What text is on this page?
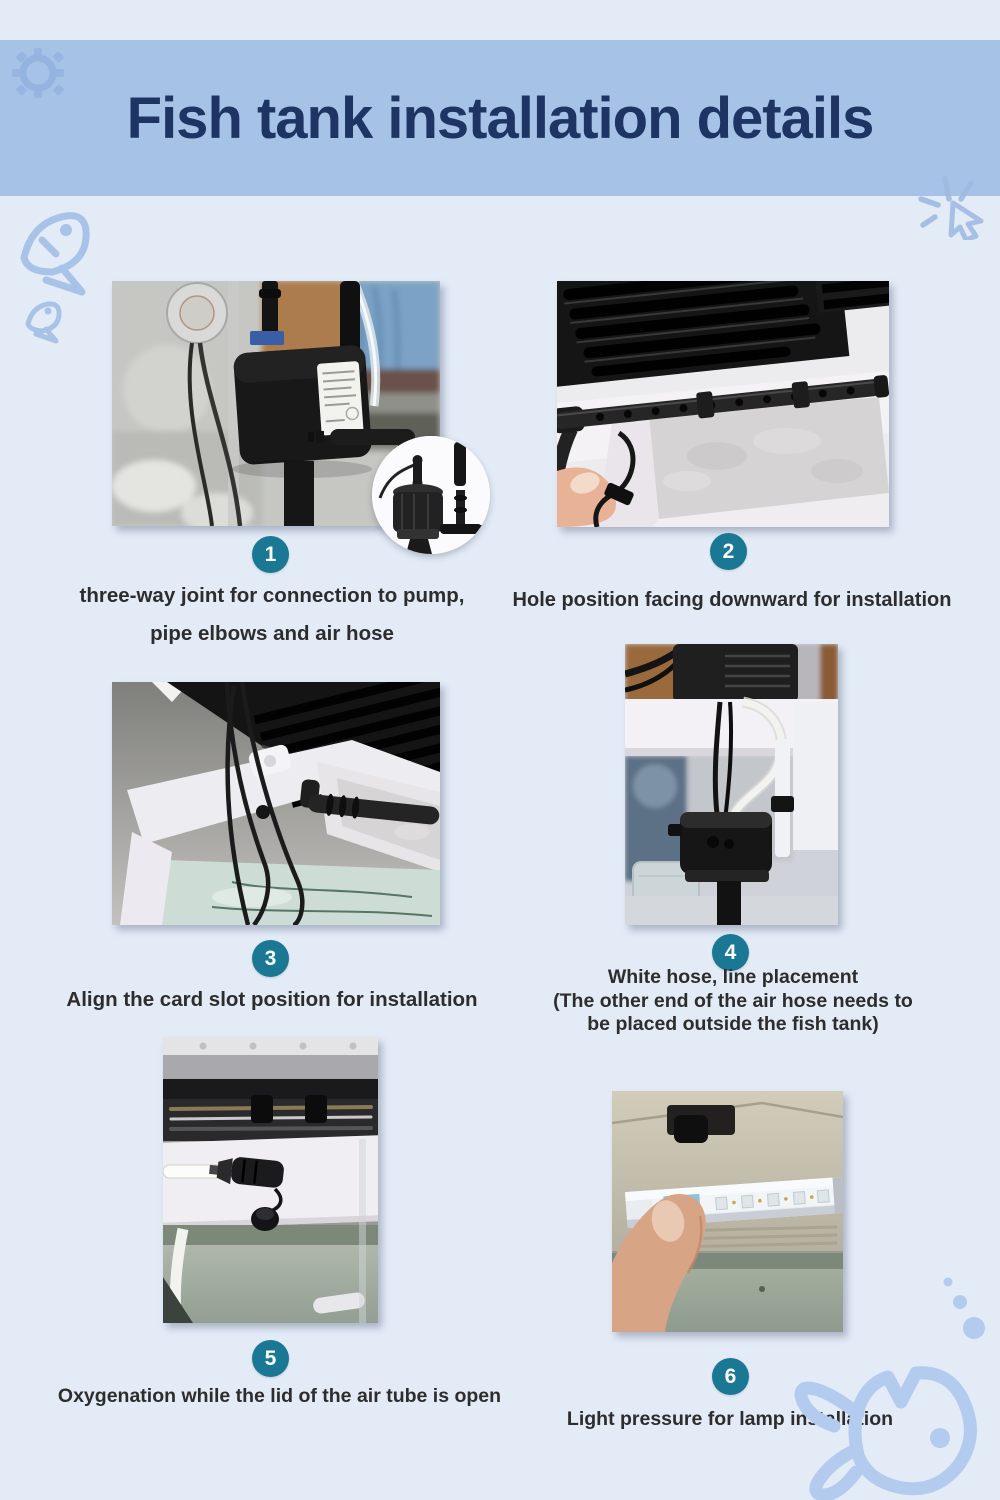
1	2
3	4
5
6
three-way joint for connection to pump,
pipe elbows and air hose
Hole position facing downward for installation
Align the card slot position for installation
White hose, line placement
(The other end of the air hose needs to
be placed outside the fish tank)
Oxygenation while the lid of the air tube is open
Light pressure for lamp installation
Fish tank installation details
